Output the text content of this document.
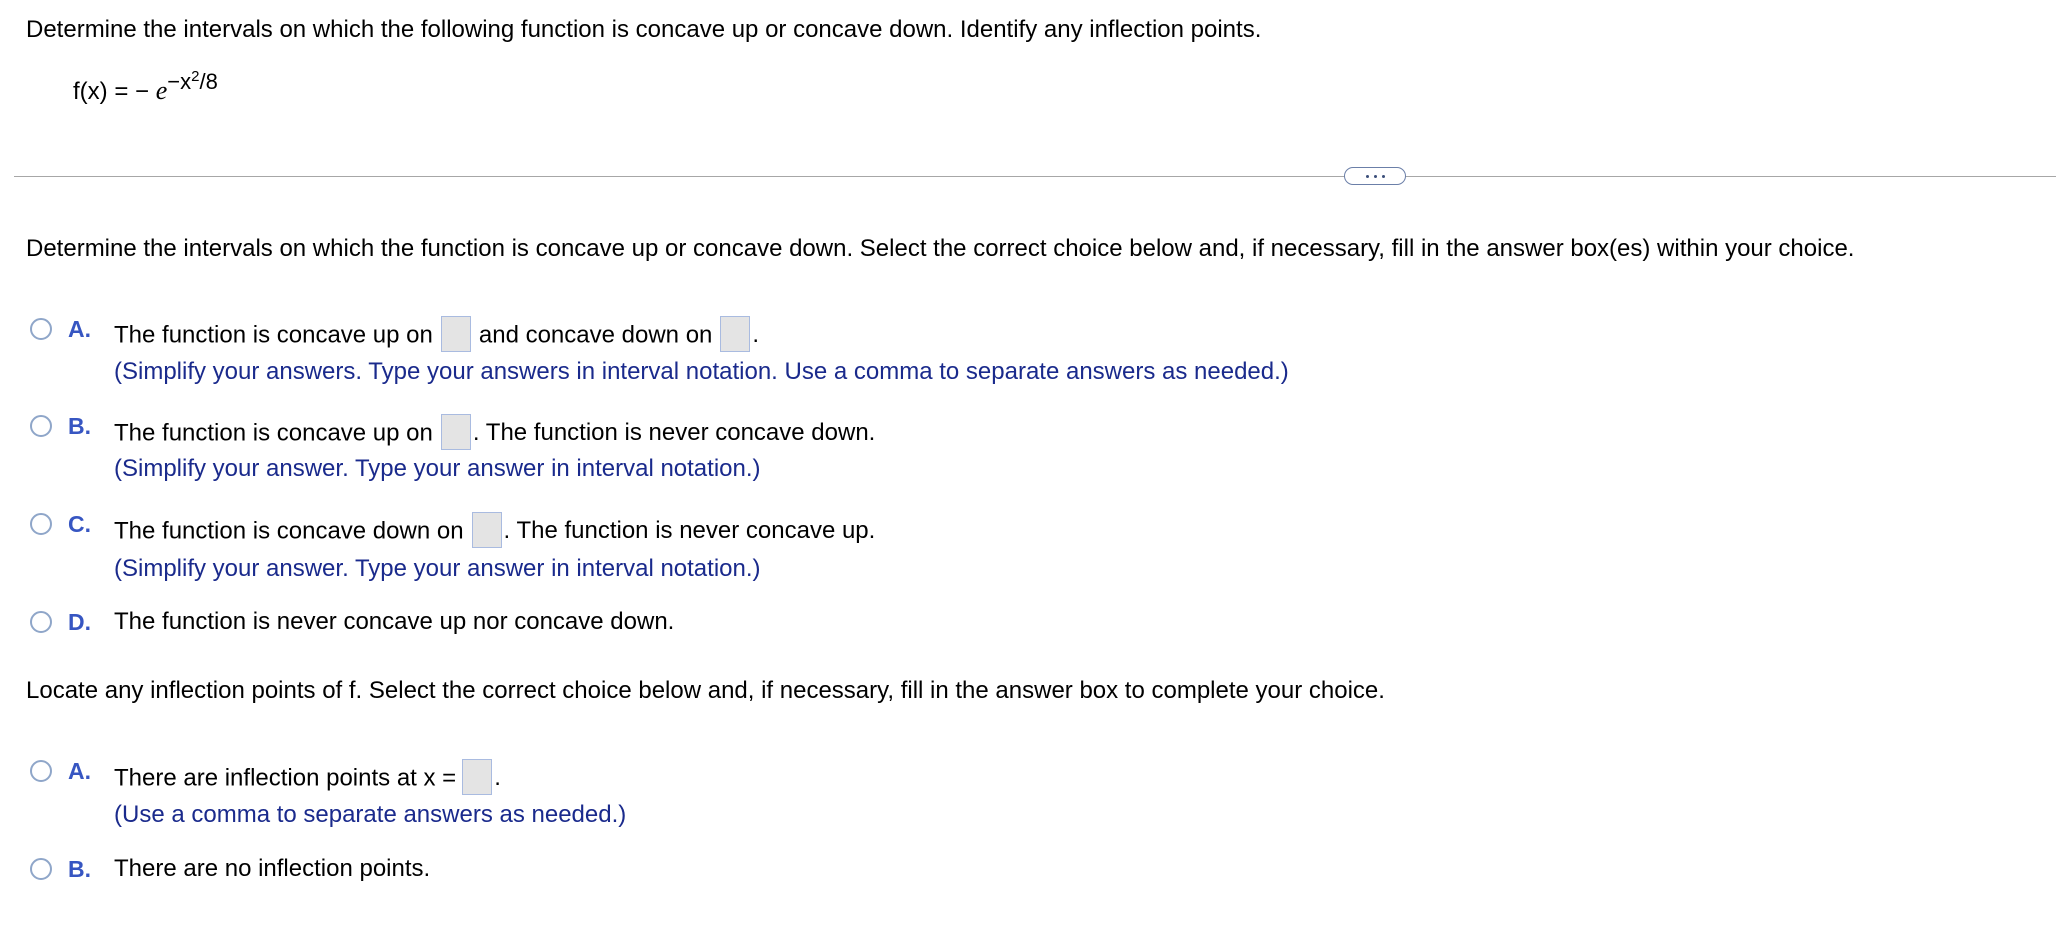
Determine the intervals on which the following function is concave up or concave down. Identify any inflection points.
f(x) = − $e^{-x^2/8}$
Determine the intervals on which the function is concave up or concave down. Select the correct choice below and, if necessary, fill in the answer box(es) within your choice.
A. The function is concave up on and concave down on .
(Simplify your answers. Type your answers in interval notation. Use a comma to separate answers as needed.)
B. The function is concave up on . The function is never concave down.
(Simplify your answer. Type your answer in interval notation.)
C. The function is concave down on . The function is never concave up.
(Simplify your answer. Type your answer in interval notation.)
D. The function is never concave up nor concave down.
Locate any inflection points of f. Select the correct choice below and, if necessary, fill in the answer box to complete your choice.
A. There are inflection points at x = .
(Use a comma to separate answers as needed.)
B. There are no inflection points.
